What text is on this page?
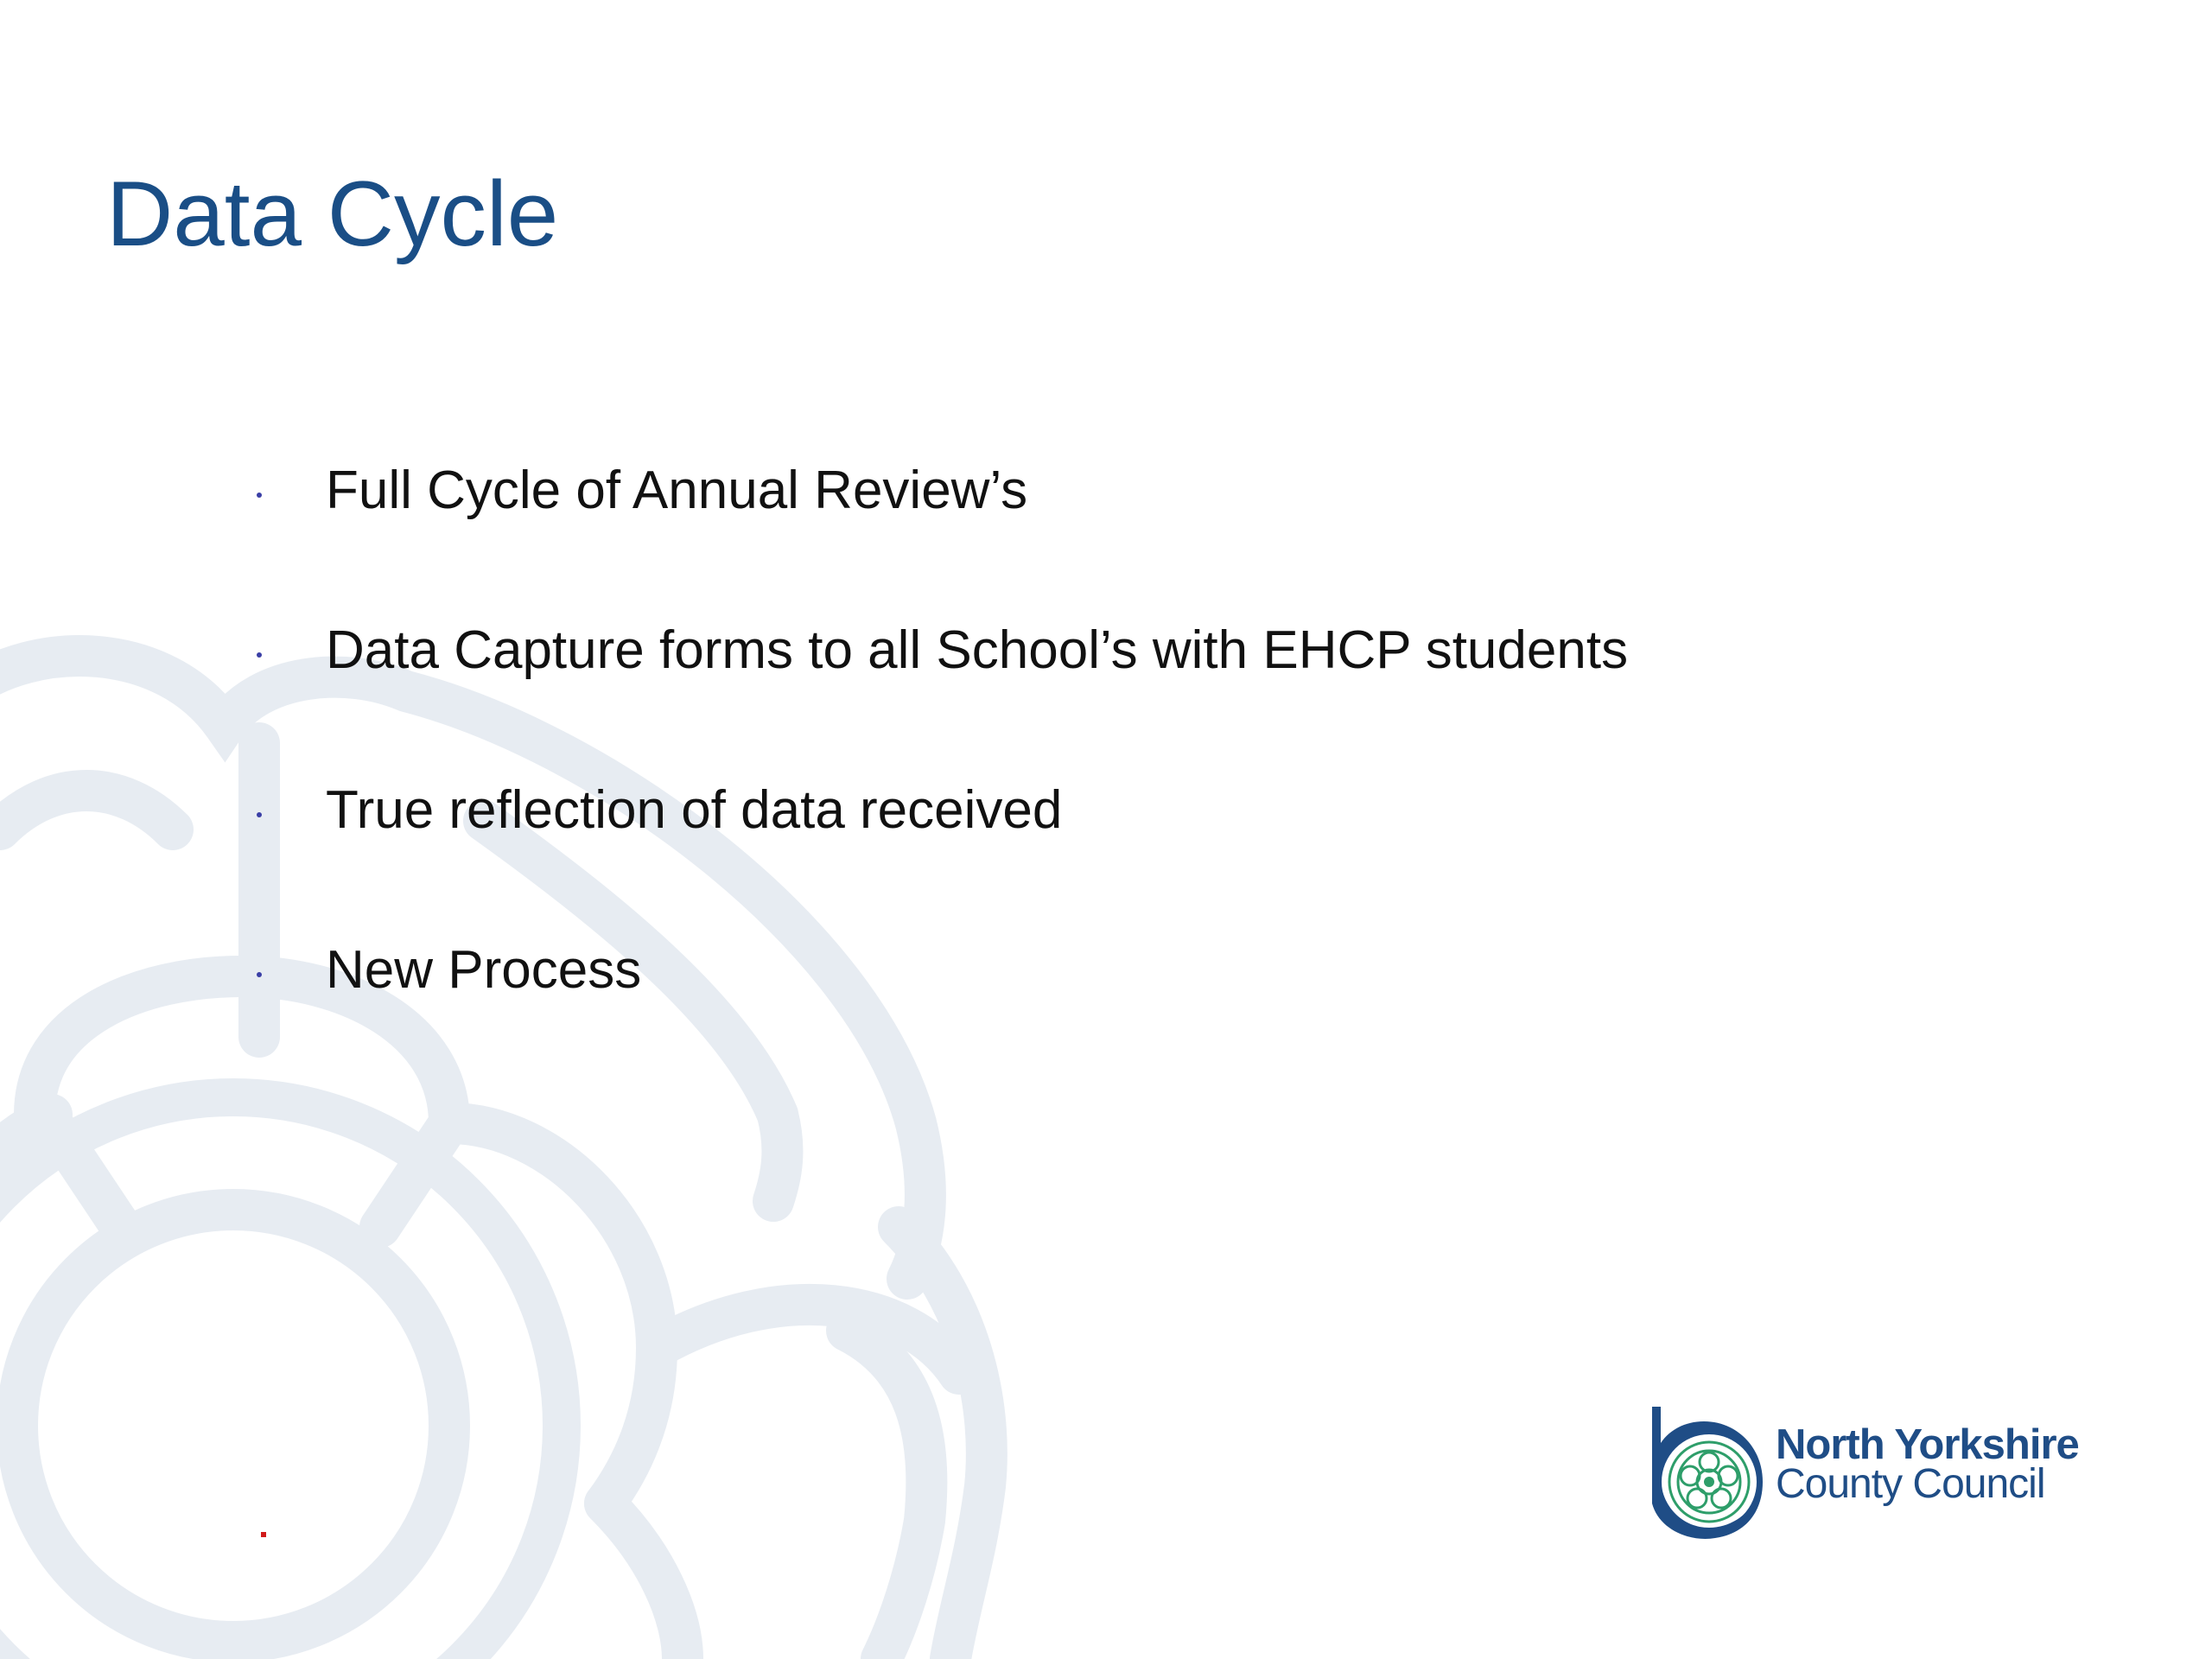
Data Cycle
Full Cycle of Annual Review’s
Data Capture forms to all School’s with EHCP students
True reflection of data received
New Process
North Yorkshire
County Council
